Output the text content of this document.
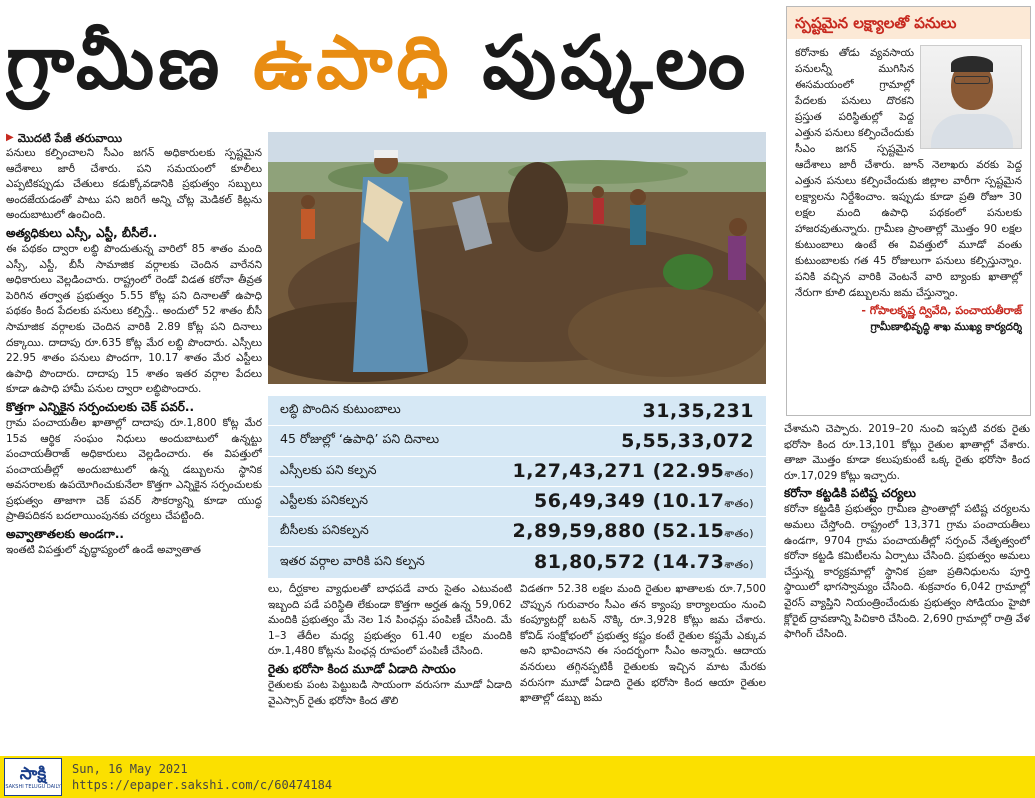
గ్రామీణ ఉపాధి పుష్కలం	స్పష్టమైన లక్ష్యాలతో పనులు
కరోనాకు తోడు వ్యవసాయ పనులన్నీ ముగిసిన ఈసమయంలో గ్రామాల్లో పేదలకు పనులు దొరకని ప్రస్తుత పరిస్థితుల్లో పెద్ద ఎత్తున పనులు కల్పించేందుకు సీఎం జగన్ స్పష్టమైన ఆదేశాలు జారీ చేశారు. జూన్ నెలాఖరు వరకు పెద్ద ఎత్తున పనులు కల్పించేందుకు జిల్లాల వారీగా స్పష్టమైన లక్ష్యాలను నిర్దేశించాం. ఇప్పుడు కూడా ప్రతి రోజూ 30 లక్షల మంది ఉపాధి పథకంలో పనులకు హాజరవుతున్నారు. గ్రామీణ ప్రాంతాల్లో మొత్తం 90 లక్షల కుటుంబాలు ఉంటే ఈ వివత్తులో మూడో వంతు కుటుంబాలకు గత 45 రోజులుగా పనులు కల్పిస్తున్నాం. పనికి వచ్చిన వారికి వెంటనే వారి బ్యాంకు ఖాతాల్లో నేరుగా కూలి డబ్బులను జమ చేస్తున్నాం.
- గోపాలకృష్ణ ద్వివేది, పంచాయతీరాజ్
గ్రామీణాభివృద్ధి శాఖ ముఖ్య కార్యదర్శి
▶ మొదటి పేజీ తరువాయి

పనులు కల్పించాలని సీఎం జగన్ అధికారులకు స్పష్టమైన ఆదేశాలు జారీ చేశారు. పని సమయంలో కూలీలు ఎప్పటికప్పుడు చేతులు కడుక్కోవడానికి ప్రభుత్వం సబ్బులు అందజేయడంతో పాటు పని జరిగే అన్ని చోట్ల మెడికల్ కిట్లను అందుబాటులో ఉంచింది.

అత్యధికులు ఎస్సీ, ఎస్టీ, బీసీలే..

ఈ పథకం ద్వారా లబ్ధి పొందుతున్న వారిలో 85 శాతం మంది ఎస్సీ, ఎస్టీ, బీసీ సామాజిక వర్గాలకు చెందిన వారేనని అధికారులు వెల్లడించారు. రాష్ట్రంలో రెండో విడత కరోనా తీవ్రత పెరిగిన తర్వాత ప్రభుత్వం 5.55 కోట్ల పని దినాలతో ఉపాధి పథకం కింద పేదలకు పనులు కల్పిస్తే.. అందులో 52 శాతం బీసీ సామాజిక వర్గాలకు చెందిన వారికి 2.89 కోట్ల పని దినాలు దక్కాయి. దాదాపు రూ.635 కోట్ల మేర లబ్ధి పొందారు. ఎస్సీలు 22.95 శాతం పనులు పొందగా, 10.17 శాతం మేర ఎస్టీలు ఉపాధి పొందారు. దాదాపు 15 శాతం ఇతర వర్గాల పేదలు కూడా ఉపాధి హామీ పనుల ద్వారా లబ్ధిపొందారు.

కొత్తగా ఎన్నికైన సర్పంచులకు చెక్ పవర్..

గ్రామ పంచాయతీల ఖాతాల్లో దాదాపు రూ.1,800 కోట్ల మేర 15వ ఆర్థిక సంఘం నిధులు అందుబాటులో ఉన్నట్టు పంచాయతీరాజ్ అధికారులు వెల్లడించారు. ఈ విపత్తులో పంచాయతీల్లో అందుబాటులో ఉన్న డబ్బులను స్థానిక అవసరాలకు ఉపయోగించుకునేలా కొత్తగా ఎన్నికైన సర్పంచులకు ప్రభుత్వం తాజాగా చెక్ పవర్ సౌకర్యాన్ని కూడా యుద్ధ ప్రాతిపదికన బదలాయింపునకు చర్యలు చేపట్టింది.

అవ్వాతాతలకు అండగా..

ఇంతటి విపత్తులో వృద్ధాప్యంలో ఉండే అవ్వాతాత

లబ్ధి పొందిన కుటుంబాలు	31,35,231
45 రోజుల్లో ‘ఉపాధి’ పని దినాలు	5,55,33,072
ఎస్సీలకు పని కల్పన	1,27,43,271 (22.95శాతం)
ఎస్టీలకు పనికల్పన	56,49,349 (10.17శాతం)
బీసీలకు పనికల్పన	2,89,59,880 (52.15శాతం)
ఇతర వర్గాల వారికి పని కల్పన	81,80,572 (14.73శాతం)

లు, దీర్ఘకాల వ్యాధులతో బాధపడే వారు సైతం ఎటువంటి ఇబ్బంది పడే పరిస్థితి లేకుండా కొత్తగా అర్హత ఉన్న 59,062 మందికి ప్రభుత్వం మే నెల 1న పింఛన్లు పంపిణీ చేసింది. మే 1–3 తేదీల మధ్య ప్రభుత్వం 61.40 లక్షల మందికి రూ.1,480 కోట్లను పింఛన్ల రూపంలో పంపిణీ చేసింది.

రైతు భరోసా కింద మూడో ఏడాది సాయం

రైతులకు పంట పెట్టుబడి సాయంగా వరుసగా మూడో ఏడాది వైఎస్సార్ రైతు భరోసా కింద తొలి

విడతగా 52.38 లక్షల మంది రైతుల ఖాతాలకు రూ.7,500 చొప్పున గురువారం సీఎం తన క్యాంపు కార్యాలయం నుంచి కంప్యూటర్లో బటన్ నొక్కి రూ.3,928 కోట్లు జమ చేశారు. కోవిడ్ సంక్షోభంలో ప్రభుత్వ కష్టం కంటే రైతుల కష్టమే ఎక్కువ అని భావించానని ఈ సందర్భంగా సీఎం అన్నారు. ఆదాయ వనరులు తగ్గినప్పటికీ రైతులకు ఇచ్చిన మాట మేరకు వరుసగా మూడో ఏడాది రైతు భరోసా కింద ఆయా రైతుల ఖాతాల్లో డబ్బు జమ

చేశామని చెప్పారు. 2019–20 నుంచి ఇప్పటి వరకు రైతు భరోసా కింద రూ.13,101 కోట్లు రైతుల ఖాతాల్లో వేశారు. తాజా మొత్తం కూడా కలుపుకుంటే ఒక్క రైతు భరోసా కింద రూ.17,029 కోట్లు ఇచ్చారు.

కరోనా కట్టడికి పటిష్ట చర్యలు

కరోనా కట్టడికి ప్రభుత్వం గ్రామీణ ప్రాంతాల్లో పటిష్ట చర్యలను అమలు చేస్తోంది. రాష్ట్రంలో 13,371 గ్రామ పంచాయతీలు ఉండగా, 9704 గ్రామ పంచాయతీల్లో సర్పంచ్ నేతృత్వంలో కరోనా కట్టడి కమిటీలను ఏర్పాటు చేసింది. ప్రభుత్వం అమలు చేస్తున్న కార్యక్రమాల్లో స్థానిక ప్రజా ప్రతినిధులను పూర్తి స్థాయిలో భాగస్వామ్యం చేసింది. శుక్రవారం 6,042 గ్రామాల్లో వైరస్ వ్యాప్తిని నియంత్రించేందుకు ప్రభుత్వం సోడియం హైపో క్లోరైట్ ద్రావణాన్ని పిచికారి చేసింది. 2,690 గ్రామాల్లో రాత్రి వేళ ఫాగింగ్ చేసింది.

సాక్షి
SAKSHI TELUGU DAILY
Sun, 16 May 2021
https://epaper.sakshi.com/c/60474184
